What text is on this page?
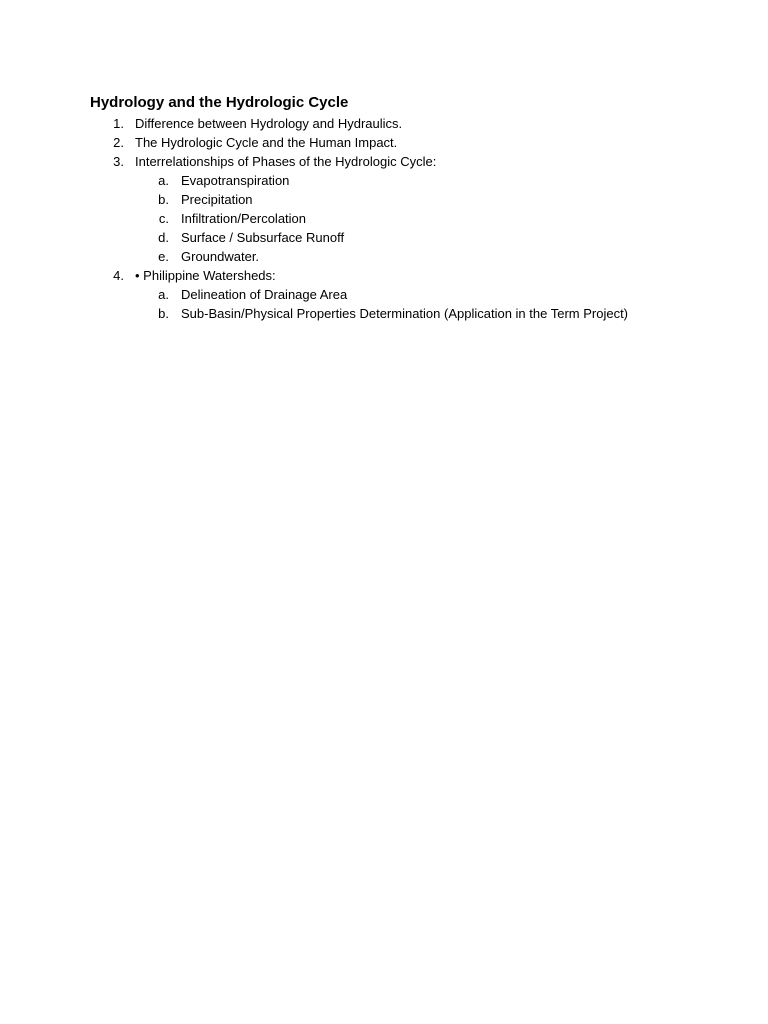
Hydrology and the Hydrologic Cycle
1. Difference between Hydrology and Hydraulics.
2. The Hydrologic Cycle and the Human Impact.
3. Interrelationships of Phases of the Hydrologic Cycle:
a. Evapotranspiration
b. Precipitation
c. Infiltration/Percolation
d. Surface / Subsurface Runoff
e. Groundwater.
4. • Philippine Watersheds:
a. Delineation of Drainage Area
b. Sub-Basin/Physical Properties Determination (Application in the Term Project)
